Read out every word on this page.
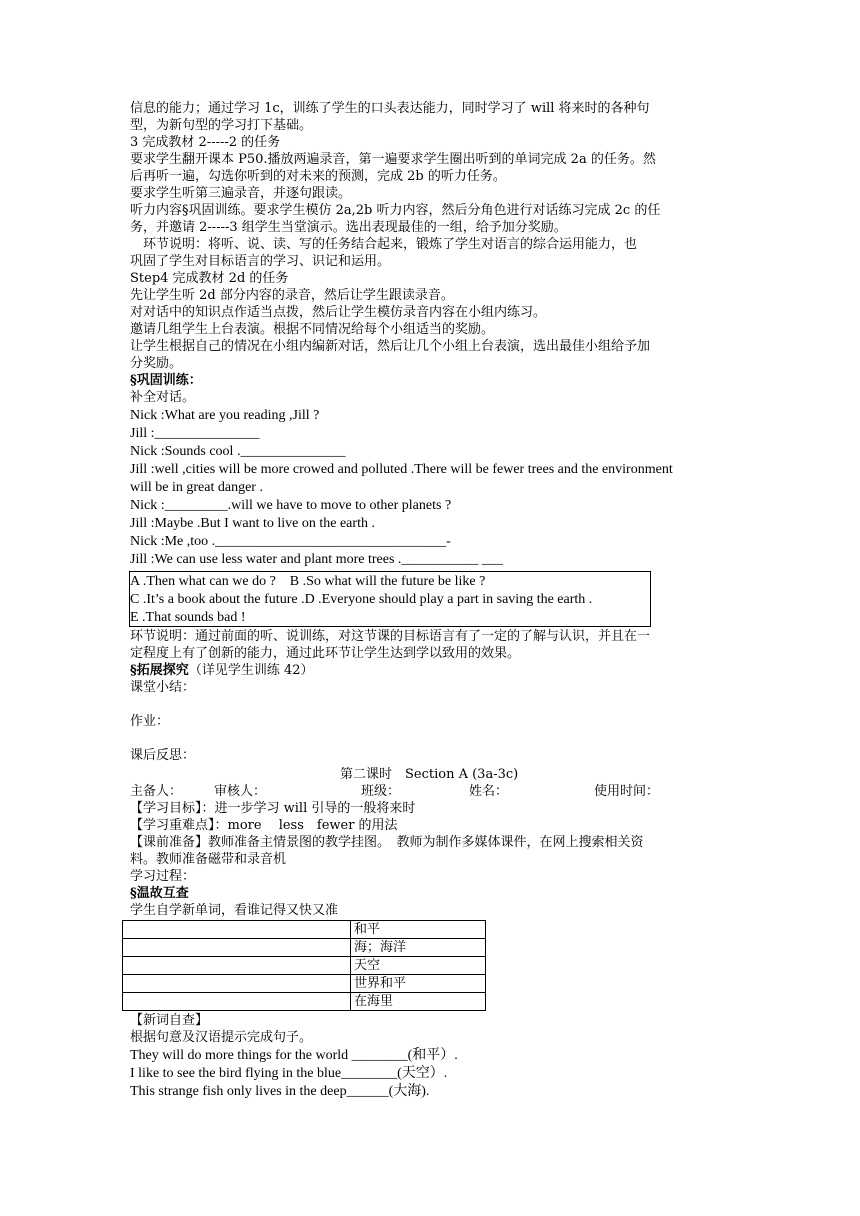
信息的能力；通过学习 1c，训练了学生的口头表达能力，同时学习了 will 将来时的各种句
型，为新句型的学习打下基础。
3 完成教材 2-----2 的任务
要求学生翻开课本 P50.播放两遍录音，第一遍要求学生圈出听到的单词完成 2a 的任务。然
后再听一遍，勾选你听到的对未来的预测，完成 2b 的听力任务。
要求学生听第三遍录音，并逐句跟读。
听力内容§巩固训练。要求学生模仿 2a,2b 听力内容，然后分角色进行对话练习完成 2c 的任
务，并邀请 2-----3 组学生当堂演示。选出表现最佳的一组，给予加分奖励。
　环节说明：将听、说、读、写的任务结合起来，锻炼了学生对语言的综合运用能力，也
巩固了学生对目标语言的学习、识记和运用。
Step4 完成教材 2d 的任务
先让学生听 2d 部分内容的录音，然后让学生跟读录音。
对对话中的知识点作适当点拨，然后让学生模仿录音内容在小组内练习。
邀请几组学生上台表演。根据不同情况给每个小组适当的奖励。
让学生根据自己的情况在小组内编新对话，然后让几个小组上台表演，选出最佳小组给予加
分奖励。
§巩固训练：
补全对话。
Nick :What are you reading ,Jill ?
Jill :_______________
Nick :Sounds cool ._______________
Jill :well ,cities will be more crowed and polluted .There will be fewer trees and the environment
will be in great danger .
Nick :_________.will we have to move to other planets ?
Jill :Maybe .But I want to live on the earth .
Nick :Me ,too ._________________________________-
Jill :We can use less water and plant more trees .___________ ___
A .Then what can we do ?　B .So what will the future be like ?
C .It’s a book about the future .D .Everyone should play a part in saving the earth .
E .That sounds bad !
环节说明：通过前面的听、说训练，对这节课的目标语言有了一定的了解与认识，并且在一
定程度上有了创新的能力，通过此环节让学生达到学以致用的效果。
§拓展探究（详见学生训练 42）
课堂小结：
作业：
课后反思：
第二课时　Section A (3a-3c)
主备人： 审核人：	班级：	姓名：	使用时间：
【学习目标】：进一步学习 will 引导的一般将来时
【学习重难点】：more　 less　fewer 的用法
【课前准备】教师准备主情景图的教学挂图。　教师为制作多媒体课件，在网上搜索相关资
料。教师准备磁带和录音机
学习过程：
§温故互查
学生自学新单词，看谁记得又快又准
	和平
	海；海洋
	天空
	世界和平
	在海里
【新词自查】
根据句意及汉语提示完成句子。
They will do more things for the world ________(和平）.
I like to see the bird flying in the blue________(天空）.
This strange fish only lives in the deep______(大海).
